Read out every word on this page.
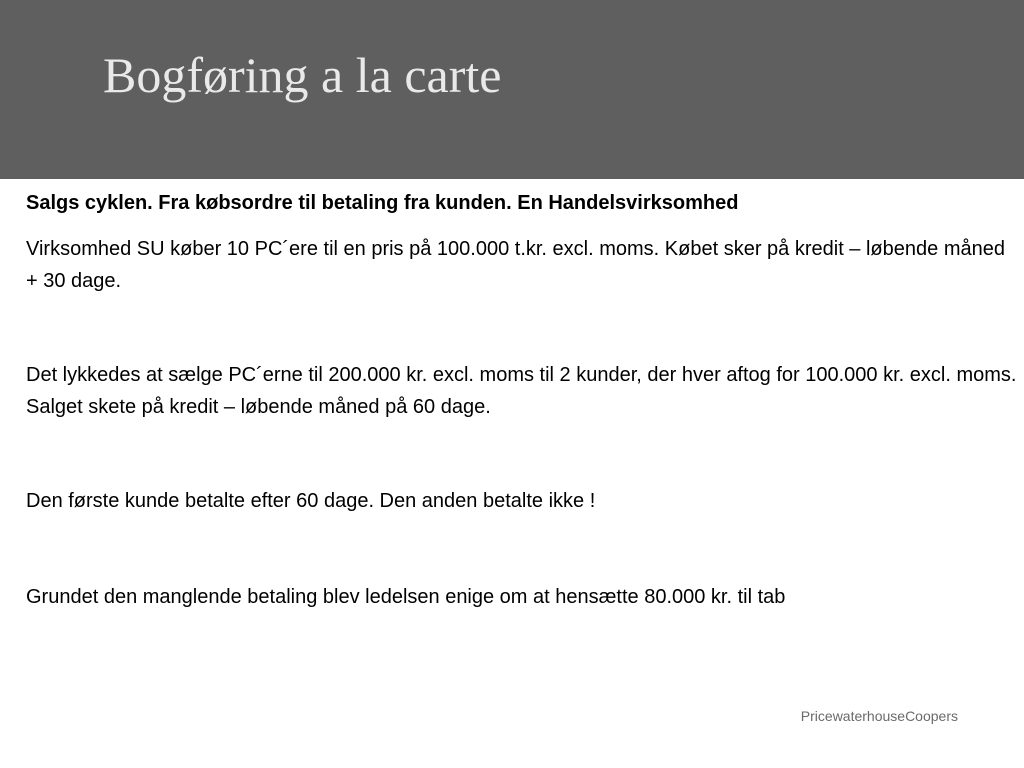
Bogføring a la carte

Salgs cyklen. Fra købsordre til betaling fra kunden. En Handelsvirksomhed

Virksomhed SU køber 10 PC´ere til en pris på 100.000 t.kr. excl. moms. Købet sker på kredit – løbende måned + 30 dage.

Det lykkedes at sælge PC´erne til 200.000 kr. excl. moms til 2 kunder, der hver aftog for 100.000 kr. excl. moms. Salget skete på kredit – løbende måned på 60 dage.

Den første kunde betalte efter 60 dage. Den anden betalte ikke !

Grundet den manglende betaling blev ledelsen enige om at hensætte 80.000 kr. til tab

PricewaterhouseCoopers
